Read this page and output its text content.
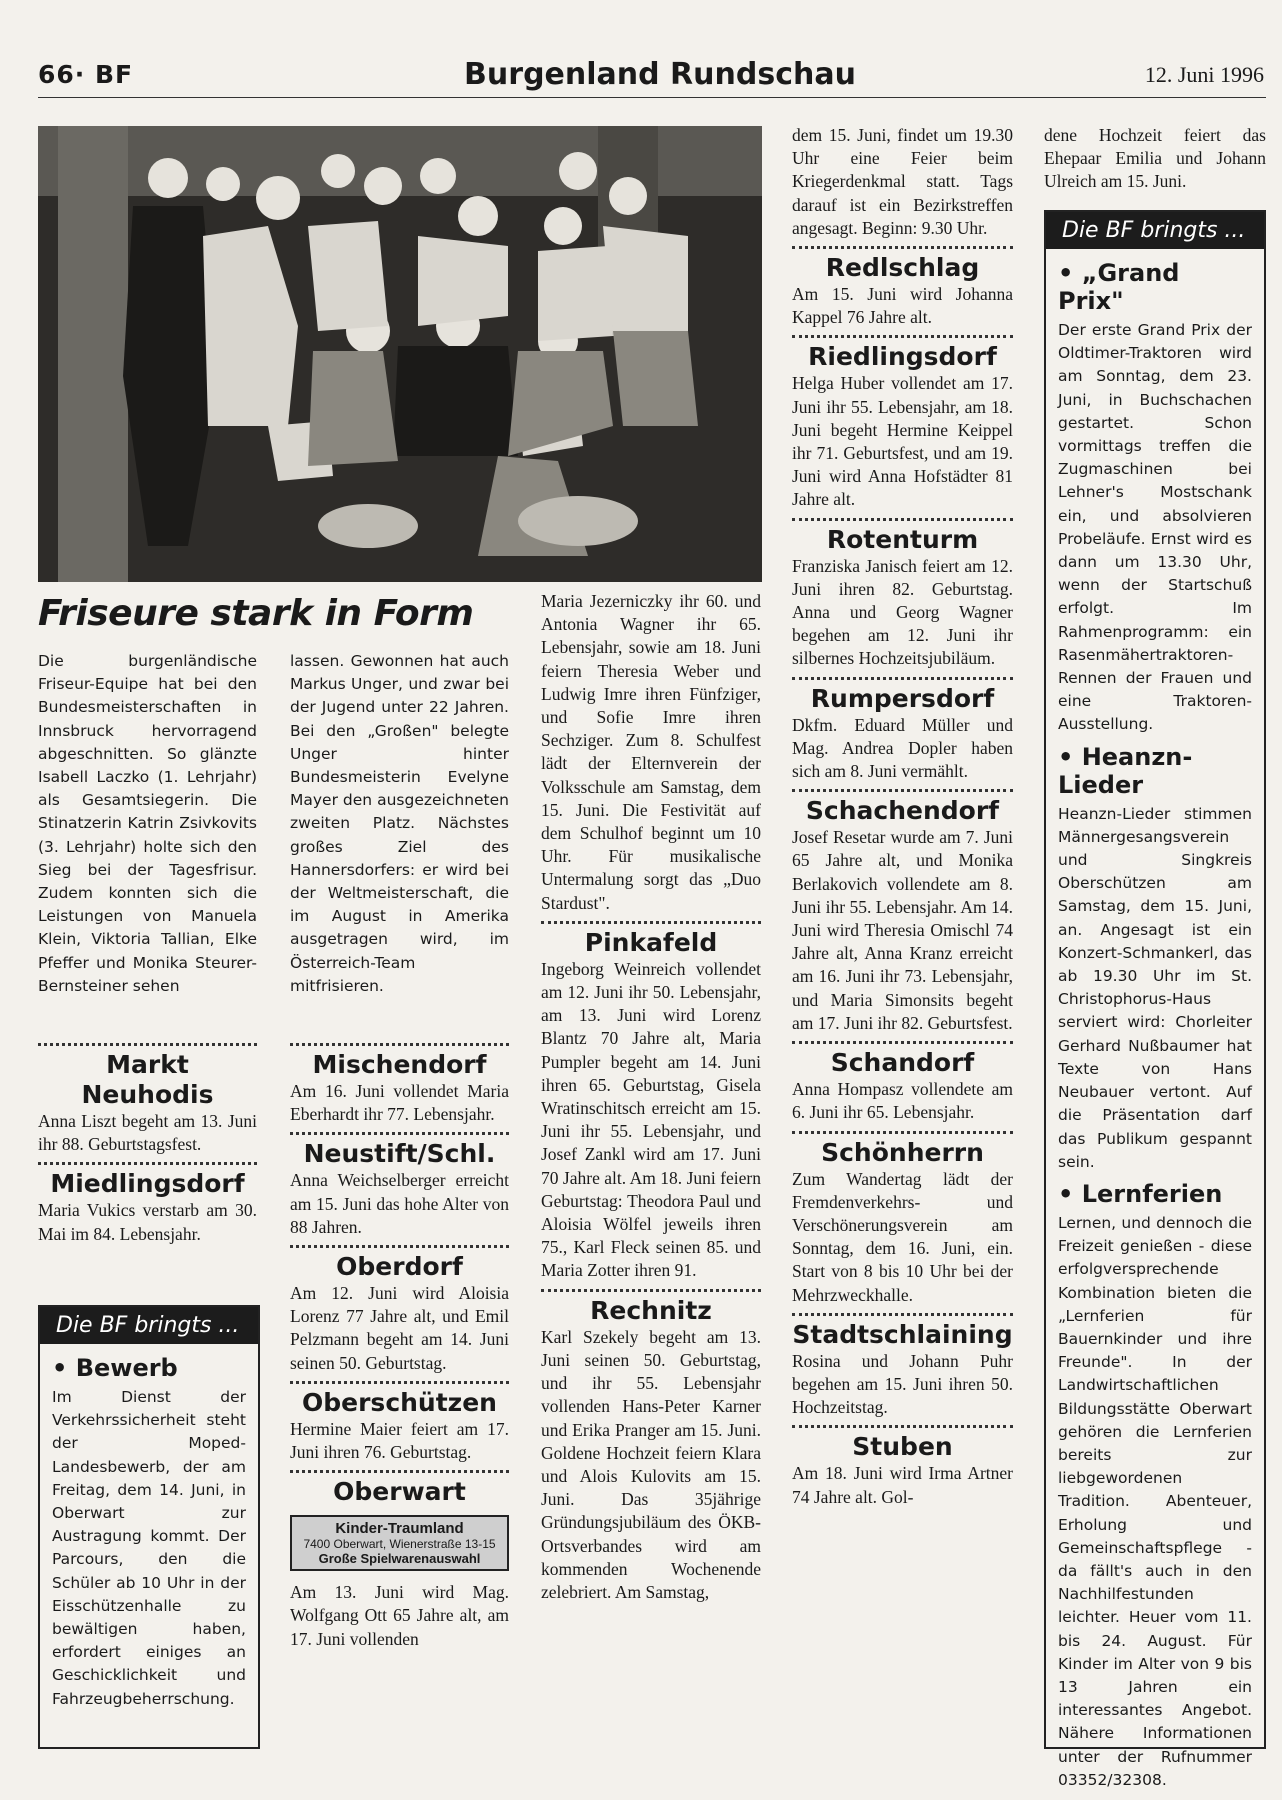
66· BF	Burgenland Rundschau	12. Juni 1996
Friseure stark in Form

Die burgenländische Friseur-Equipe hat bei den Bundesmeisterschaften in Innsbruck hervorragend abgeschnitten. So glänzte Isabell Laczko (1. Lehrjahr) als Gesamtsiegerin. Die Stinatzerin Katrin Zsivkovits (3. Lehrjahr) holte sich den Sieg bei der Tagesfrisur. Zudem konnten sich die Leistungen von Manuela Klein, Viktoria Tallian, Elke Pfeffer und Monika Steurer-Bernsteiner sehen

lassen. Gewonnen hat auch Markus Unger, und zwar bei der Jugend unter 22 Jahren. Bei den „Großen" belegte Unger hinter Bundesmeisterin Evelyne Mayer den ausgezeichneten zweiten Platz. Nächstes großes Ziel des Hannersdorfers: er wird bei der Weltmeisterschaft, die im August in Amerika ausgetragen wird, im Österreich-Team mitfrisieren.

Markt Neuhodis

Anna Liszt begeht am 13. Juni ihr 88. Geburtstagsfest.

Miedlingsdorf

Maria Vukics verstarb am 30. Mai im 84. Lebensjahr.

Die BF bringts ...
• Bewerb

Im Dienst der Verkehrssicherheit steht der Moped-Landesbewerb, der am Freitag, dem 14. Juni, in Oberwart zur Austragung kommt. Der Parcours, den die Schüler ab 10 Uhr in der Eisschützenhalle zu bewältigen haben, erfordert einiges an Geschicklichkeit und Fahrzeugbeherrschung.

Mischendorf

Am 16. Juni vollendet Maria Eberhardt ihr 77. Lebensjahr.

Neustift/Schl.

Anna Weichselberger erreicht am 15. Juni das hohe Alter von 88 Jahren.

Oberdorf

Am 12. Juni wird Aloisia Lorenz 77 Jahre alt, und Emil Pelzmann begeht am 14. Juni seinen 50. Geburtstag.

Oberschützen

Hermine Maier feiert am 17. Juni ihren 76. Geburtstag.

Oberwart
Kinder-Traumland
7400 Oberwart, Wienerstraße 13-15
Große Spielwarenauswahl

Am 13. Juni wird Mag. Wolfgang Ott 65 Jahre alt, am 17. Juni vollenden

Maria Jezerniczky ihr 60. und Antonia Wagner ihr 65. Lebensjahr, sowie am 18. Juni feiern Theresia Weber und Ludwig Imre ihren Fünfziger, und Sofie Imre ihren Sechziger. Zum 8. Schulfest lädt der Elternverein der Volksschule am Samstag, dem 15. Juni. Die Festivität auf dem Schulhof beginnt um 10 Uhr. Für musikalische Untermalung sorgt das „Duo Stardust".

Pinkafeld

Ingeborg Weinreich vollendet am 12. Juni ihr 50. Lebensjahr, am 13. Juni wird Lorenz Blantz 70 Jahre alt, Maria Pumpler begeht am 14. Juni ihren 65. Geburtstag, Gisela Wratinschitsch erreicht am 15. Juni ihr 55. Lebensjahr, und Josef Zankl wird am 17. Juni 70 Jahre alt. Am 18. Juni feiern Geburtstag: Theodora Paul und Aloisia Wölfel jeweils ihren 75., Karl Fleck seinen 85. und Maria Zotter ihren 91.

Rechnitz

Karl Szekely begeht am 13. Juni seinen 50. Geburtstag, und ihr 55. Lebensjahr vollenden Hans-Peter Karner und Erika Pranger am 15. Juni. Goldene Hochzeit feiern Klara und Alois Kulovits am 15. Juni. Das 35jährige Gründungsjubiläum des ÖKB-Ortsverbandes wird am kommenden Wochenende zelebriert. Am Samstag,

dem 15. Juni, findet um 19.30 Uhr eine Feier beim Kriegerdenkmal statt. Tags darauf ist ein Bezirkstreffen angesagt. Beginn: 9.30 Uhr.

Redlschlag

Am 15. Juni wird Johanna Kappel 76 Jahre alt.

Riedlingsdorf

Helga Huber vollendet am 17. Juni ihr 55. Lebensjahr, am 18. Juni begeht Hermine Keippel ihr 71. Geburtsfest, und am 19. Juni wird Anna Hofstädter 81 Jahre alt.

Rotenturm

Franziska Janisch feiert am 12. Juni ihren 82. Geburtstag. Anna und Georg Wagner begehen am 12. Juni ihr silbernes Hochzeitsjubiläum.

Rumpersdorf

Dkfm. Eduard Müller und Mag. Andrea Dopler haben sich am 8. Juni vermählt.

Schachendorf

Josef Resetar wurde am 7. Juni 65 Jahre alt, und Monika Berlakovich vollendete am 8. Juni ihr 55. Lebensjahr. Am 14. Juni wird Theresia Omischl 74 Jahre alt, Anna Kranz erreicht am 16. Juni ihr 73. Lebensjahr, und Maria Simonsits begeht am 17. Juni ihr 82. Geburtsfest.

Schandorf

Anna Hompasz vollendete am 6. Juni ihr 65. Lebensjahr.

Schönherrn

Zum Wandertag lädt der Fremdenverkehrs- und Verschönerungsverein am Sonntag, dem 16. Juni, ein. Start von 8 bis 10 Uhr bei der Mehrzweckhalle.

Stadtschlaining

Rosina und Johann Puhr begehen am 15. Juni ihren 50. Hochzeitstag.

Stuben

Am 18. Juni wird Irma Artner 74 Jahre alt. Gol-

dene Hochzeit feiert das Ehepaar Emilia und Johann Ulreich am 15. Juni.

Die BF bringts ...
• „Grand Prix"

Der erste Grand Prix der Oldtimer-Traktoren wird am Sonntag, dem 23. Juni, in Buchschachen gestartet. Schon vormittags treffen die Zugmaschinen bei Lehner's Mostschank ein, und absolvieren Probeläufe. Ernst wird es dann um 13.30 Uhr, wenn der Startschuß erfolgt. Im Rahmenprogramm: ein Rasenmähertraktoren-Rennen der Frauen und eine Traktoren-Ausstellung.

• Heanzn-Lieder

Heanzn-Lieder stimmen Männergesangsverein und Singkreis Oberschützen am Samstag, dem 15. Juni, an. Angesagt ist ein Konzert-Schmankerl, das ab 19.30 Uhr im St. Christophorus-Haus serviert wird: Chorleiter Gerhard Nußbaumer hat Texte von Hans Neubauer vertont. Auf die Präsentation darf das Publikum gespannt sein.

• Lernferien

Lernen, und dennoch die Freizeit genießen - diese erfolgversprechende Kombination bieten die „Lernferien für Bauernkinder und ihre Freunde". In der Landwirtschaftlichen Bildungsstätte Oberwart gehören die Lernferien bereits zur liebgewordenen Tradition. Abenteuer, Erholung und Gemeinschaftspflege - da fällt's auch in den Nachhilfestunden leichter. Heuer vom 11. bis 24. August. Für Kinder im Alter von 9 bis 13 Jahren ein interessantes Angebot. Nähere Informationen unter der Rufnummer 03352/32308.
